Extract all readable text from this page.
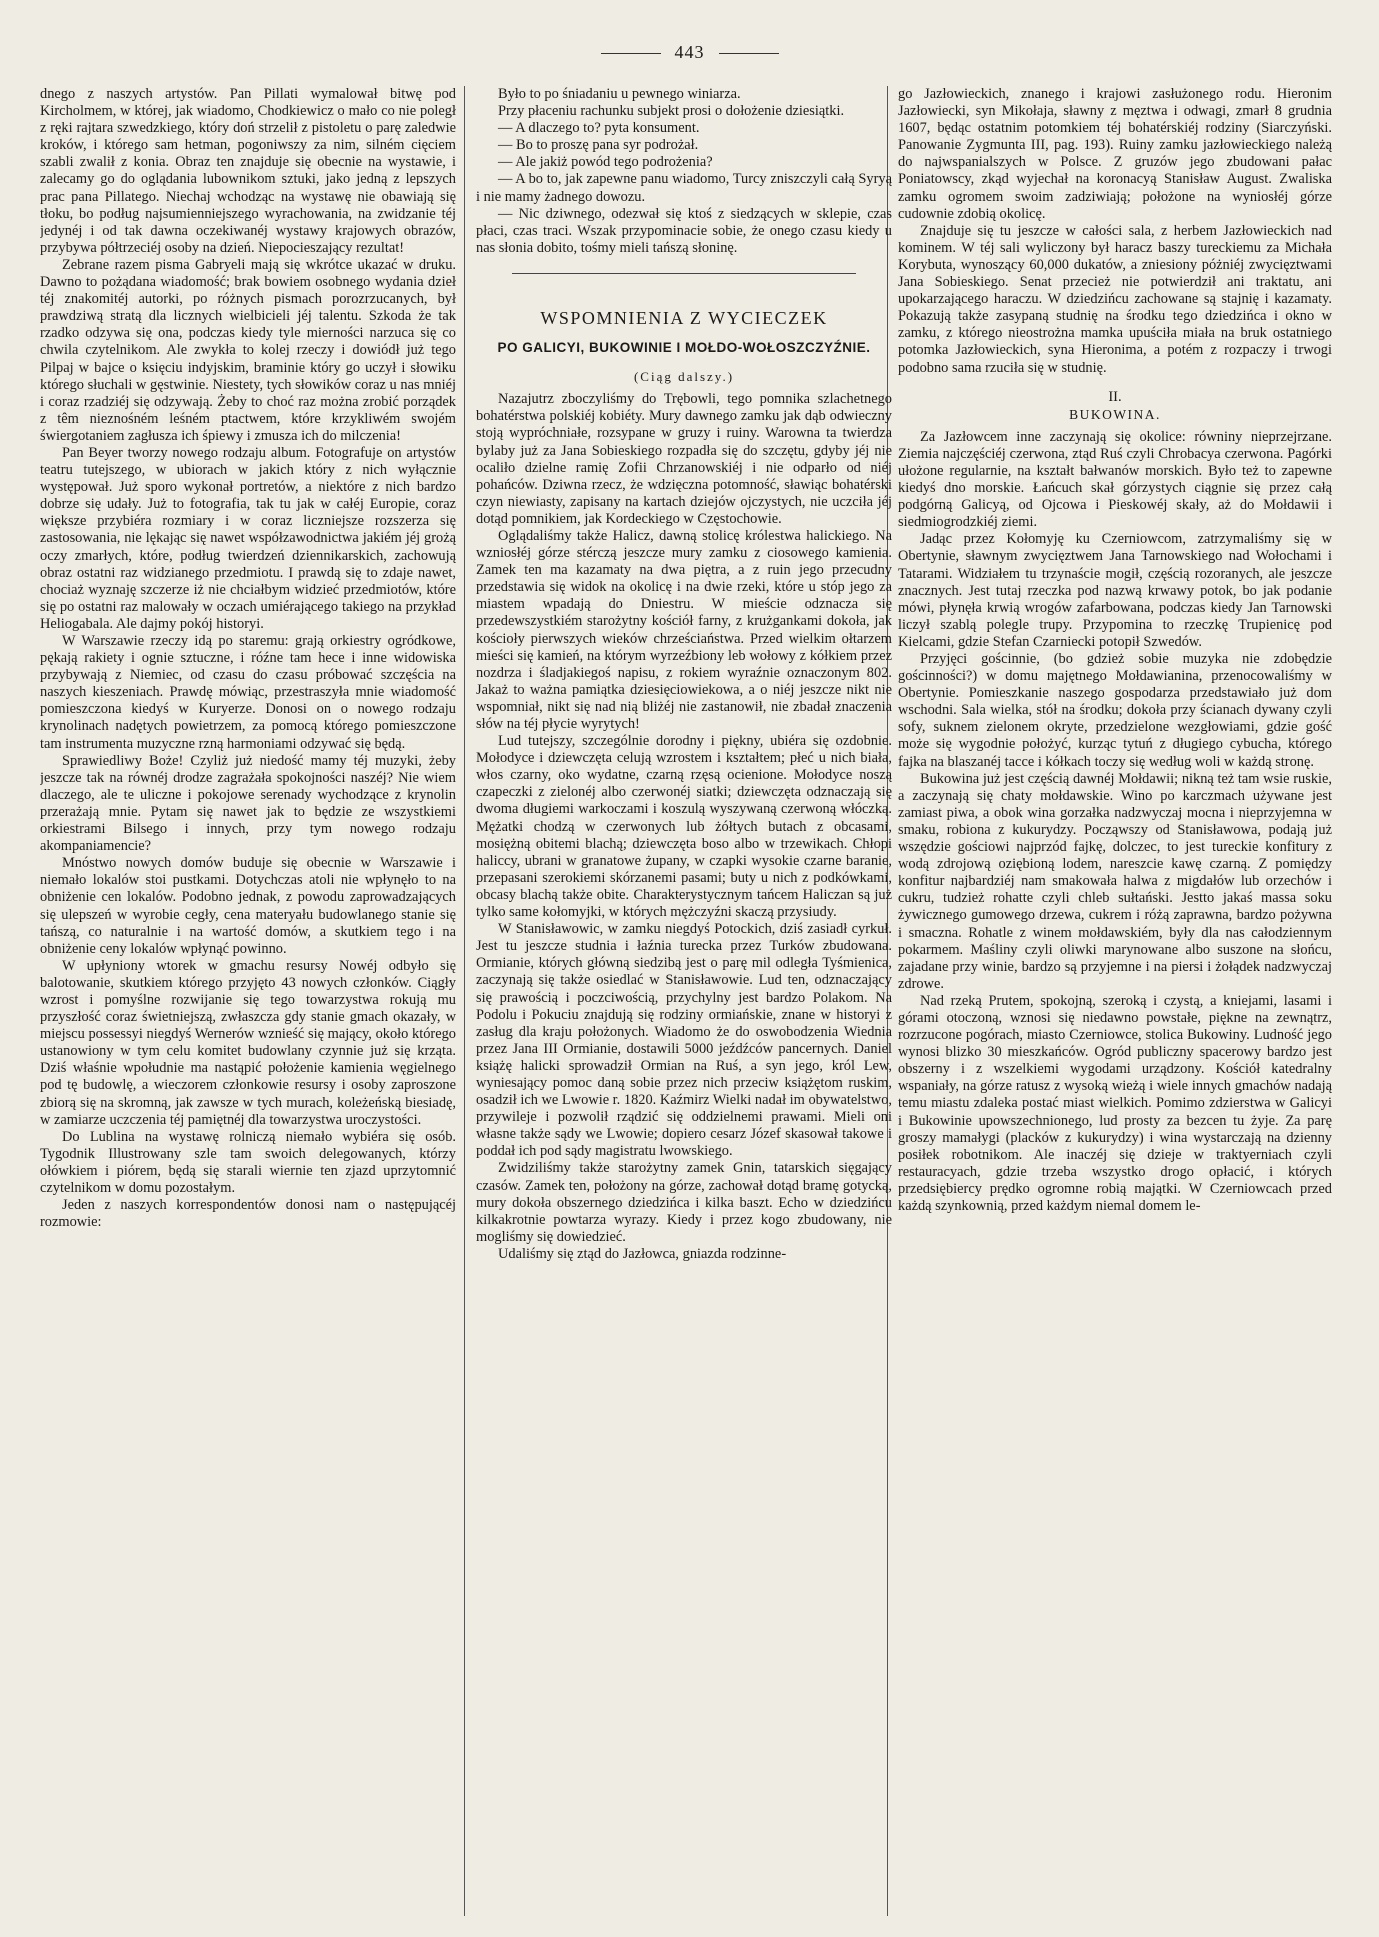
443

dnego z naszych artystów. Pan Pillati wymalował bitwę pod Kircholmem, w której, jak wiadomo, Chodkiewicz o mało co nie poległ z ręki rajtara szwedzkiego, który doń strzelił z pistoletu o parę zaledwie kroków, i którego sam hetman, pogoniwszy za nim, silném cięciem szabli zwalił z konia. Obraz ten znajduje się obecnie na wystawie, i zalecamy go do oglądania lubownikom sztuki, jako jedną z lepszych prac pana Pillatego. Niechaj wchodząc na wystawę nie obawiają się tłoku, bo podług najsumienniejszego wyrachowania, na zwidzanie téj jedynéj i od tak dawna oczekiwanéj wystawy krajowych obrazów, przybywa półtrzeciéj osoby na dzień. Niepocieszający rezultat!

Zebrane razem pisma Gabryeli mają się wkrótce ukazać w druku. Dawno to pożądana wiadomość; brak bowiem osobnego wydania dzieł téj znakomitéj autorki, po różnych pismach porozrzucanych, był prawdziwą stratą dla licznych wielbicieli jéj talentu. Szkoda że tak rzadko odzywa się ona, podczas kiedy tyle mierności narzuca się co chwila czytelnikom. Ale zwykła to kolej rzeczy i dowiódł już tego Pilpaj w bajce o księciu indyjskim, braminie który go uczył i słowiku którego słuchali w gęstwinie. Niestety, tych słowików coraz u nas mniéj i coraz rzadziéj się odzywają. Żeby to choć raz można zrobić porządek z têm nieznośném leśném ptactwem, które krzykliwém swojém świergotaniem zagłusza ich śpiewy i zmusza ich do milczenia!

Pan Beyer tworzy nowego rodzaju album. Fotografuje on artystów teatru tutejszego, w ubiorach w jakich który z nich wyłącznie występował. Już sporo wykonał portretów, a niektóre z nich bardzo dobrze się udały. Już to fotografia, tak tu jak w całéj Europie, coraz większe przybiéra rozmiary i w coraz liczniejsze rozszerza się zastosowania, nie lękając się nawet współzawodnictwa jakiém jéj grożą oczy zmarłych, które, podług twierdzeń dziennikarskich, zachowują obraz ostatni raz widzianego przedmiotu. I prawdą się to zdaje nawet, chociaż wyznaję szczerze iż nie chciałbym widzieć przedmiotów, które się po ostatni raz malowały w oczach umiérającego takiego na przykład Heliogabala. Ale dajmy pokój historyi.

W Warszawie rzeczy idą po staremu: grają orkiestry ogródkowe, pękają rakiety i ognie sztuczne, i róźne tam hece i inne widowiska przybywają z Niemiec, od czasu do czasu próbować szczęścia na naszych kieszeniach. Prawdę mówiąc, przestraszyła mnie wiadomość pomieszczona kiedyś w Kuryerze. Donosi on o nowego rodzaju krynolinach nadętych powietrzem, za pomocą którego pomieszczone tam instrumenta muzyczne rzną harmoniami odzywać się będą.

Sprawiedliwy Boże! Czyliż już niedość mamy téj muzyki, żeby jeszcze tak na równéj drodze zagrażała spokojności naszéj? Nie wiem dlaczego, ale te uliczne i pokojowe serenady wychodzące z krynolin przerażają mnie. Pytam się nawet jak to będzie ze wszystkiemi orkiestrami Bilsego i innych, przy tym nowego rodzaju akompaniamencie?

Mnóstwo nowych domów buduje się obecnie w Warszawie i niemało lokalów stoi pustkami. Dotychczas atoli nie wpłynęło to na obniżenie cen lokalów. Podobno jednak, z powodu zaprowadzających się ulepszeń w wyrobie cegły, cena materyału budowlanego stanie się tańszą, co naturalnie i na wartość domów, a skutkiem tego i na obniżenie ceny lokalów wpłynąć powinno.

W upłyniony wtorek w gmachu resursy Nowéj odbyło się balotowanie, skutkiem którego przyjęto 43 nowych członków. Ciągły wzrost i pomyślne rozwijanie się tego towarzystwa rokują mu przyszłość coraz świetniejszą, zwłaszcza gdy stanie gmach okazały, w miejscu possessyi niegdyś Wernerów wznieść się mający, około którego ustanowiony w tym celu komitet budowlany czynnie już się krząta. Dziś właśnie wpołudnie ma nastąpić położenie kamienia węgielnego pod tę budowlę, a wieczorem członkowie resursy i osoby zaproszone zbiorą się na skromną, jak zawsze w tych murach, koleżeńską biesiadę, w zamiarze uczczenia téj pamiętnéj dla towarzystwa uroczystości.

Do Lublina na wystawę rolniczą niemało wybiéra się osób. Tygodnik Illustrowany szle tam swoich delegowanych, którzy ołówkiem i piórem, będą się starali wiernie ten zjazd uprzytomnić czytelnikom w domu pozostałym.

Jeden z naszych korrespondentów donosi nam o następującéj rozmowie:

Było to po śniadaniu u pewnego winiarza.

Przy płaceniu rachunku subjekt prosi o dołożenie dziesiątki.

— A dlaczego to? pyta konsument.

— Bo to proszę pana syr podrożał.

— Ale jakiż powód tego podrożenia?

— A bo to, jak zapewne panu wiadomo, Turcy zniszczyli całą Syryą i nie mamy żadnego dowozu.

— Nic dziwnego, odezwał się ktoś z siedzących w sklepie, czas płaci, czas traci. Wszak przypominacie sobie, że onego czasu kiedy u nas słonia dobito, tośmy mieli tańszą słoninę.

WSPOMNIENIA Z WYCIECZEK
PO GALICYI, BUKOWINIE I MOŁDO-WOŁOSZCZYŹNIE.
(Ciąg dalszy.)

Nazajutrz zboczyliśmy do Trębowli, tego pomnika szlachetnego bohatérstwa polskiéj kobiéty. Mury dawnego zamku jak dąb odwieczny stoją wypróchniałe, rozsypane w gruzy i ruiny. Warowna ta twierdza bylaby już za Jana Sobieskiego rozpadła się do szczętu, gdyby jéj nie ocaliło dzielne ramię Zofii Chrzanowskiéj i nie odparło od niéj pohańców. Dziwna rzecz, że wdzięczna potomność, sławiąc bohatérski czyn niewiasty, zapisany na kartach dziejów ojczystych, nie uczciła jéj dotąd pomnikiem, jak Kordeckiego w Częstochowie.

Oglądaliśmy także Halicz, dawną stolicę królestwa halickiego. Na wzniosłéj górze stérczą jeszcze mury zamku z ciosowego kamienia. Zamek ten ma kazamaty na dwa piętra, a z ruin jego przecudny przedstawia się widok na okolicę i na dwie rzeki, które u stóp jego za miastem wpadają do Dniestru. W mieście odznacza się przedewszystkiém starożytny kościół farny, z krużgankami dokoła, jak kościoły pierwszych wieków chrześciaństwa. Przed wielkim ołtarzem mieści się kamień, na którym wyrzeźbiony leb wołowy z kółkiem przez nozdrza i śladjakiegoś napisu, z rokiem wyraźnie oznaczonym 802. Jakaż to ważna pamiątka dziesięciowiekowa, a o niéj jeszcze nikt nie wspomniał, nikt się nad nią bliżéj nie zastanowił, nie zbadał znaczenia słów na téj płycie wyrytych!

Lud tutejszy, szczególnie dorodny i piękny, ubiéra się ozdobnie. Mołodyce i dziewczęta celują wzrostem i kształtem; płeć u nich biała, włos czarny, oko wydatne, czarną rzęsą ocienione. Mołodyce noszą czapeczki z zielonéj albo czerwonéj siatki; dziewczęta odznaczają się dwoma długiemi warkoczami i koszulą wyszywaną czerwoną włóczką. Mężatki chodzą w czerwonych lub żółtych butach z obcasami, mosiężną obitemi blachą; dziewczęta boso albo w trzewikach. Chłopi haliccy, ubrani w granatowe żupany, w czapki wysokie czarne baranie, przepasani szerokiemi skórzanemi pasami; buty u nich z podkówkami, obcasy blachą także obite. Charakterystycznym tańcem Haliczan są już tylko same kołomyjki, w których mężczyźni skaczą przysiudy.

W Stanisławowic, w zamku niegdyś Potockich, dziś zasiadł cyrkuł. Jest tu jeszcze studnia i łaźnia turecka przez Turków zbudowana. Ormianie, których główną siedzibą jest o parę mil odległa Tyśmienica, zaczynają się także osiedlać w Stanisławowie. Lud ten, odznaczający się prawością i poczciwością, przychylny jest bardzo Polakom. Na Podolu i Pokuciu znajdują się rodziny ormiańskie, znane w historyi z zasług dla kraju położonych. Wiadomo że do oswobodzenia Wiednia przez Jana III Ormianie, dostawili 5000 jeźdźców pancernych. Daniel książę halicki sprowadził Ormian na Ruś, a syn jego, król Lew, wyniesający pomoc daną sobie przez nich przeciw książętom ruskim, osadził ich we Lwowie r. 1820. Kaźmirz Wielki nadał im obywatelstwo, przywileje i pozwolił rządzić się oddzielnemi prawami. Mieli oni własne także sądy we Lwowie; dopiero cesarz Józef skasował takowe i poddał ich pod sądy magistratu lwowskiego.

Zwidziliśmy także starożytny zamek Gnin, tatarskich sięgający czasów. Zamek ten, położony na górze, zachował dotąd bramę gotycką, mury dokoła obszernego dziedzińca i kilka baszt. Echo w dziedzińcu kilkakrotnie powtarza wyrazy. Kiedy i przez kogo zbudowany, nie mogliśmy się dowiedzieć.

Udaliśmy się ztąd do Jazłowca, gniazda rodzinne-

go Jazłowieckich, znanego i krajowi zasłużonego rodu. Hieronim Jazłowiecki, syn Mikołaja, sławny z męztwa i odwagi, zmarł 8 grudnia 1607, będąc ostatnim potomkiem téj bohatérskiéj rodziny (Siarczyński. Panowanie Zygmunta III, pag. 193). Ruiny zamku jazłowieckiego należą do najwspanialszych w Polsce. Z gruzów jego zbudowani pałac Poniatowscy, zkąd wyjechał na koronacyą Stanisław August. Zwaliska zamku ogromem swoim zadziwiają; położone na wyniosłéj górze cudownie zdobią okolicę.

Znajduje się tu jeszcze w całości sala, z herbem Jazłowieckich nad kominem. W téj sali wyliczony był haracz baszy tureckiemu za Michała Korybuta, wynoszący 60,000 dukatów, a zniesiony póżniéj zwycięztwami Jana Sobieskiego. Senat przecież nie potwierdził ani traktatu, ani upokarzającego haraczu. W dziedzińcu zachowane są stajnię i kazamaty. Pokazują także zasypaną studnię na środku tego dziedzińca i okno w zamku, z którego nieostrożna mamka upuściła miała na bruk ostatniego potomka Jazłowieckich, syna Hieronima, a potém z rozpaczy i trwogi podobno sama rzuciła się w studnię.

II.
BUKOWINA.

Za Jazłowcem inne zaczynają się okolice: równiny nieprzejrzane. Ziemia najczęściéj czerwona, ztąd Ruś czyli Chrobacya czerwona. Pagórki ułożone regularnie, na kształt bałwanów morskich. Było też to zapewne kiedyś dno morskie. Łańcuch skał górzystych ciągnie się przez całą podgórną Galicyą, od Ojcowa i Pieskowéj skały, aż do Mołdawii i siedmiogrodzkiéj ziemi.

Jadąc przez Kołomyję ku Czerniowcom, zatrzymaliśmy się w Obertynie, sławnym zwycięztwem Jana Tarnowskiego nad Wołochami i Tatarami. Widziałem tu trzynaście mogił, częścią rozoranych, ale jeszcze znacznych. Jest tutaj rzeczka pod nazwą krwawy potok, bo jak podanie mówi, płynęła krwią wrogów zafarbowana, podczas kiedy Jan Tarnowski liczył szablą polegle trupy. Przypomina to rzeczkę Trupienicę pod Kielcami, gdzie Stefan Czarniecki potopił Szwedów.

Przyjęci gościnnie, (bo gdzież sobie muzyka nie zdobędzie gościnności?) w domu majętnego Mołdawianina, przenocowaliśmy w Obertynie. Pomieszkanie naszego gospodarza przedstawiało już dom wschodni. Sala wielka, stół na środku; dokoła przy ścianach dywany czyli sofy, suknem zielonem okryte, przedzielone wezgłowiami, gdzie gość może się wygodnie położyć, kurząc tytuń z długiego cybucha, którego fajka na blaszanéj tacce i kółkach toczy się według woli w każdą stronę.

Bukowina już jest częścią dawnéj Mołdawii; nikną też tam wsie ruskie, a zaczynają się chaty mołdawskie. Wino po karczmach używane jest zamiast piwa, a obok wina gorzałka nadzwyczaj mocna i nieprzyjemna w smaku, robiona z kukurydzy. Począwszy od Stanisławowa, podają już wszędzie gościowi najprzód fajkę, dolczec, to jest tureckie konfitury z wodą zdrojową oziębioną lodem, nareszcie kawę czarną. Z pomiędzy konfitur najbardziéj nam smakowała halwa z migdałów lub orzechów i cukru, tudzież rohatte czyli chleb sułtański. Jestto jakaś massa soku żywicznego gumowego drzewa, cukrem i różą zaprawna, bardzo pożywna i smaczna. Rohatle z winem mołdawskiém, były dla nas całodziennym pokarmem. Maśliny czyli oliwki marynowane albo suszone na słońcu, zajadane przy winie, bardzo są przyjemne i na piersi i żołądek nadzwyczaj zdrowe.

Nad rzeką Prutem, spokojną, szeroką i czystą, a kniejami, lasami i górami otoczoną, wznosi się niedawno powstałe, piękne na zewnątrz, rozrzucone pogórach, miasto Czerniowce, stolica Bukowiny. Ludność jego wynosi blizko 30 mieszkańców. Ogród publiczny spacerowy bardzo jest obszerny i z wszelkiemi wygodami urządzony. Kościół katedralny wspaniały, na górze ratusz z wysoką wieżą i wiele innych gmachów nadają temu miastu zdaleka postać miast wielkich. Pomimo zdzierstwa w Galicyi i Bukowinie upowszechnionego, lud prosty za bezcen tu żyje. Za parę groszy mamałygi (placków z kukurydzy) i wina wystarczają na dzienny posiłek robotnikom. Ale inaczéj się dzieje w traktyerniach czyli restauracyach, gdzie trzeba wszystko drogo opłacić, i których przedsiębiercy prędko ogromne robią majątki. W Czerniowcach przed każdą szynkownią, przed każdym niemal domem le-
